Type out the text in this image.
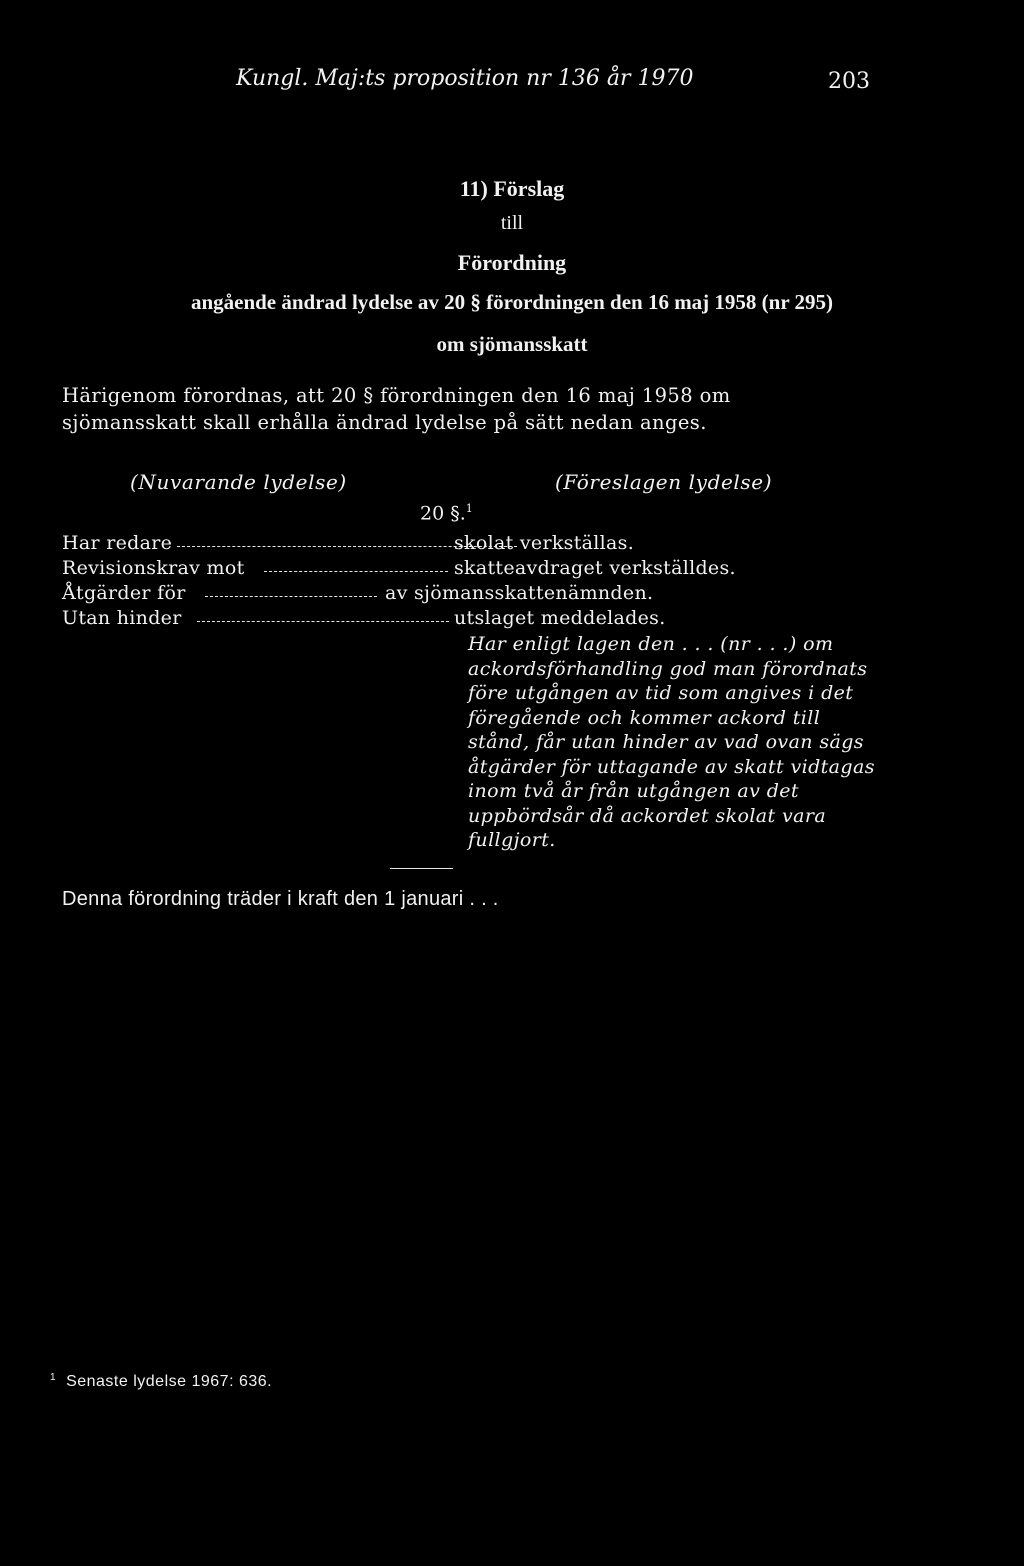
Kungl. Maj:ts proposition nr 136 år 1970	203
11) Förslag
till
Förordning
angående ändrad lydelse av 20 § förordningen den 16 maj 1958 (nr 295)
om sjömansskatt
Härigenom förordnas, att 20 § förordningen den 16 maj 1958 om sjömansskatt skall erhålla ändrad lydelse på sätt nedan anges.
(Nuvarande lydelse)	(Föreslagen lydelse)
20 §.$^1$
Har redare	skolat verkställas.
Revisionskrav mot	skatteavdraget verkställdes.
Åtgärder för	av sjömansskattenämnden.
Utan hinder	utslaget meddelades.
Har enligt lagen den . . . (nr . . .) om ackordsförhandling god man förordnats före utgången av tid som angives i det föregående och kommer ackord till stånd, får utan hinder av vad ovan sägs åtgärder för uttagande av skatt vidtagas inom två år från utgången av det uppbördsår då ackordet skolat vara fullgjort.
Denna förordning träder i kraft den 1 januari . . .
$^1$ Senaste lydelse 1967: 636.
